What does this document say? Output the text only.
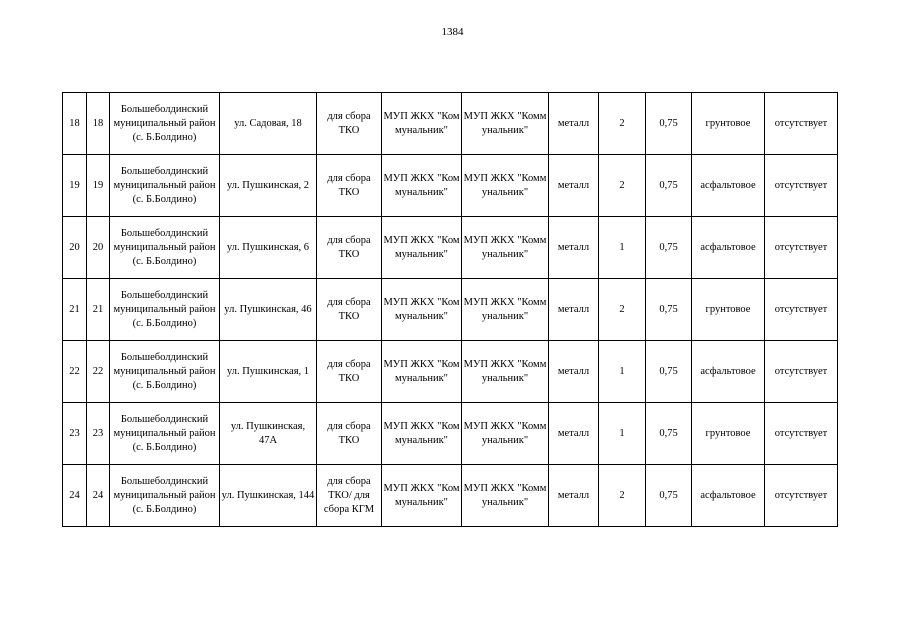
1384
18	18	Большеболдинский муниципальный район (с. Б.Болдино)	ул. Садовая, 18	для сбора ТКО	МУП ЖКХ "Коммунальник"	МУП ЖКХ "Коммунальник"	металл	2	0,75	грунтовое	отсутствует
19	19	Большеболдинский муниципальный район (с. Б.Болдино)	ул. Пушкинская, 2	для сбора ТКО	МУП ЖКХ "Коммунальник"	МУП ЖКХ "Коммунальник"	металл	2	0,75	асфальтовое	отсутствует
20	20	Большеболдинский муниципальный район (с. Б.Болдино)	ул. Пушкинская, 6	для сбора ТКО	МУП ЖКХ "Коммунальник"	МУП ЖКХ "Коммунальник"	металл	1	0,75	асфальтовое	отсутствует
21	21	Большеболдинский муниципальный район (с. Б.Болдино)	ул. Пушкинская, 46	для сбора ТКО	МУП ЖКХ "Коммунальник"	МУП ЖКХ "Коммунальник"	металл	2	0,75	грунтовое	отсутствует
22	22	Большеболдинский муниципальный район (с. Б.Болдино)	ул. Пушкинская, 1	для сбора ТКО	МУП ЖКХ "Коммунальник"	МУП ЖКХ "Коммунальник"	металл	1	0,75	асфальтовое	отсутствует
23	23	Большеболдинский муниципальный район (с. Б.Болдино)	ул. Пушкинская, 47А	для сбора ТКО	МУП ЖКХ "Коммунальник"	МУП ЖКХ "Коммунальник"	металл	1	0,75	грунтовое	отсутствует
24	24	Большеболдинский муниципальный район (с. Б.Болдино)	ул. Пушкинская, 144	для сбора ТКО/ для сбора КГМ	МУП ЖКХ "Коммунальник"	МУП ЖКХ "Коммунальник"	металл	2	0,75	асфальтовое	отсутствует
